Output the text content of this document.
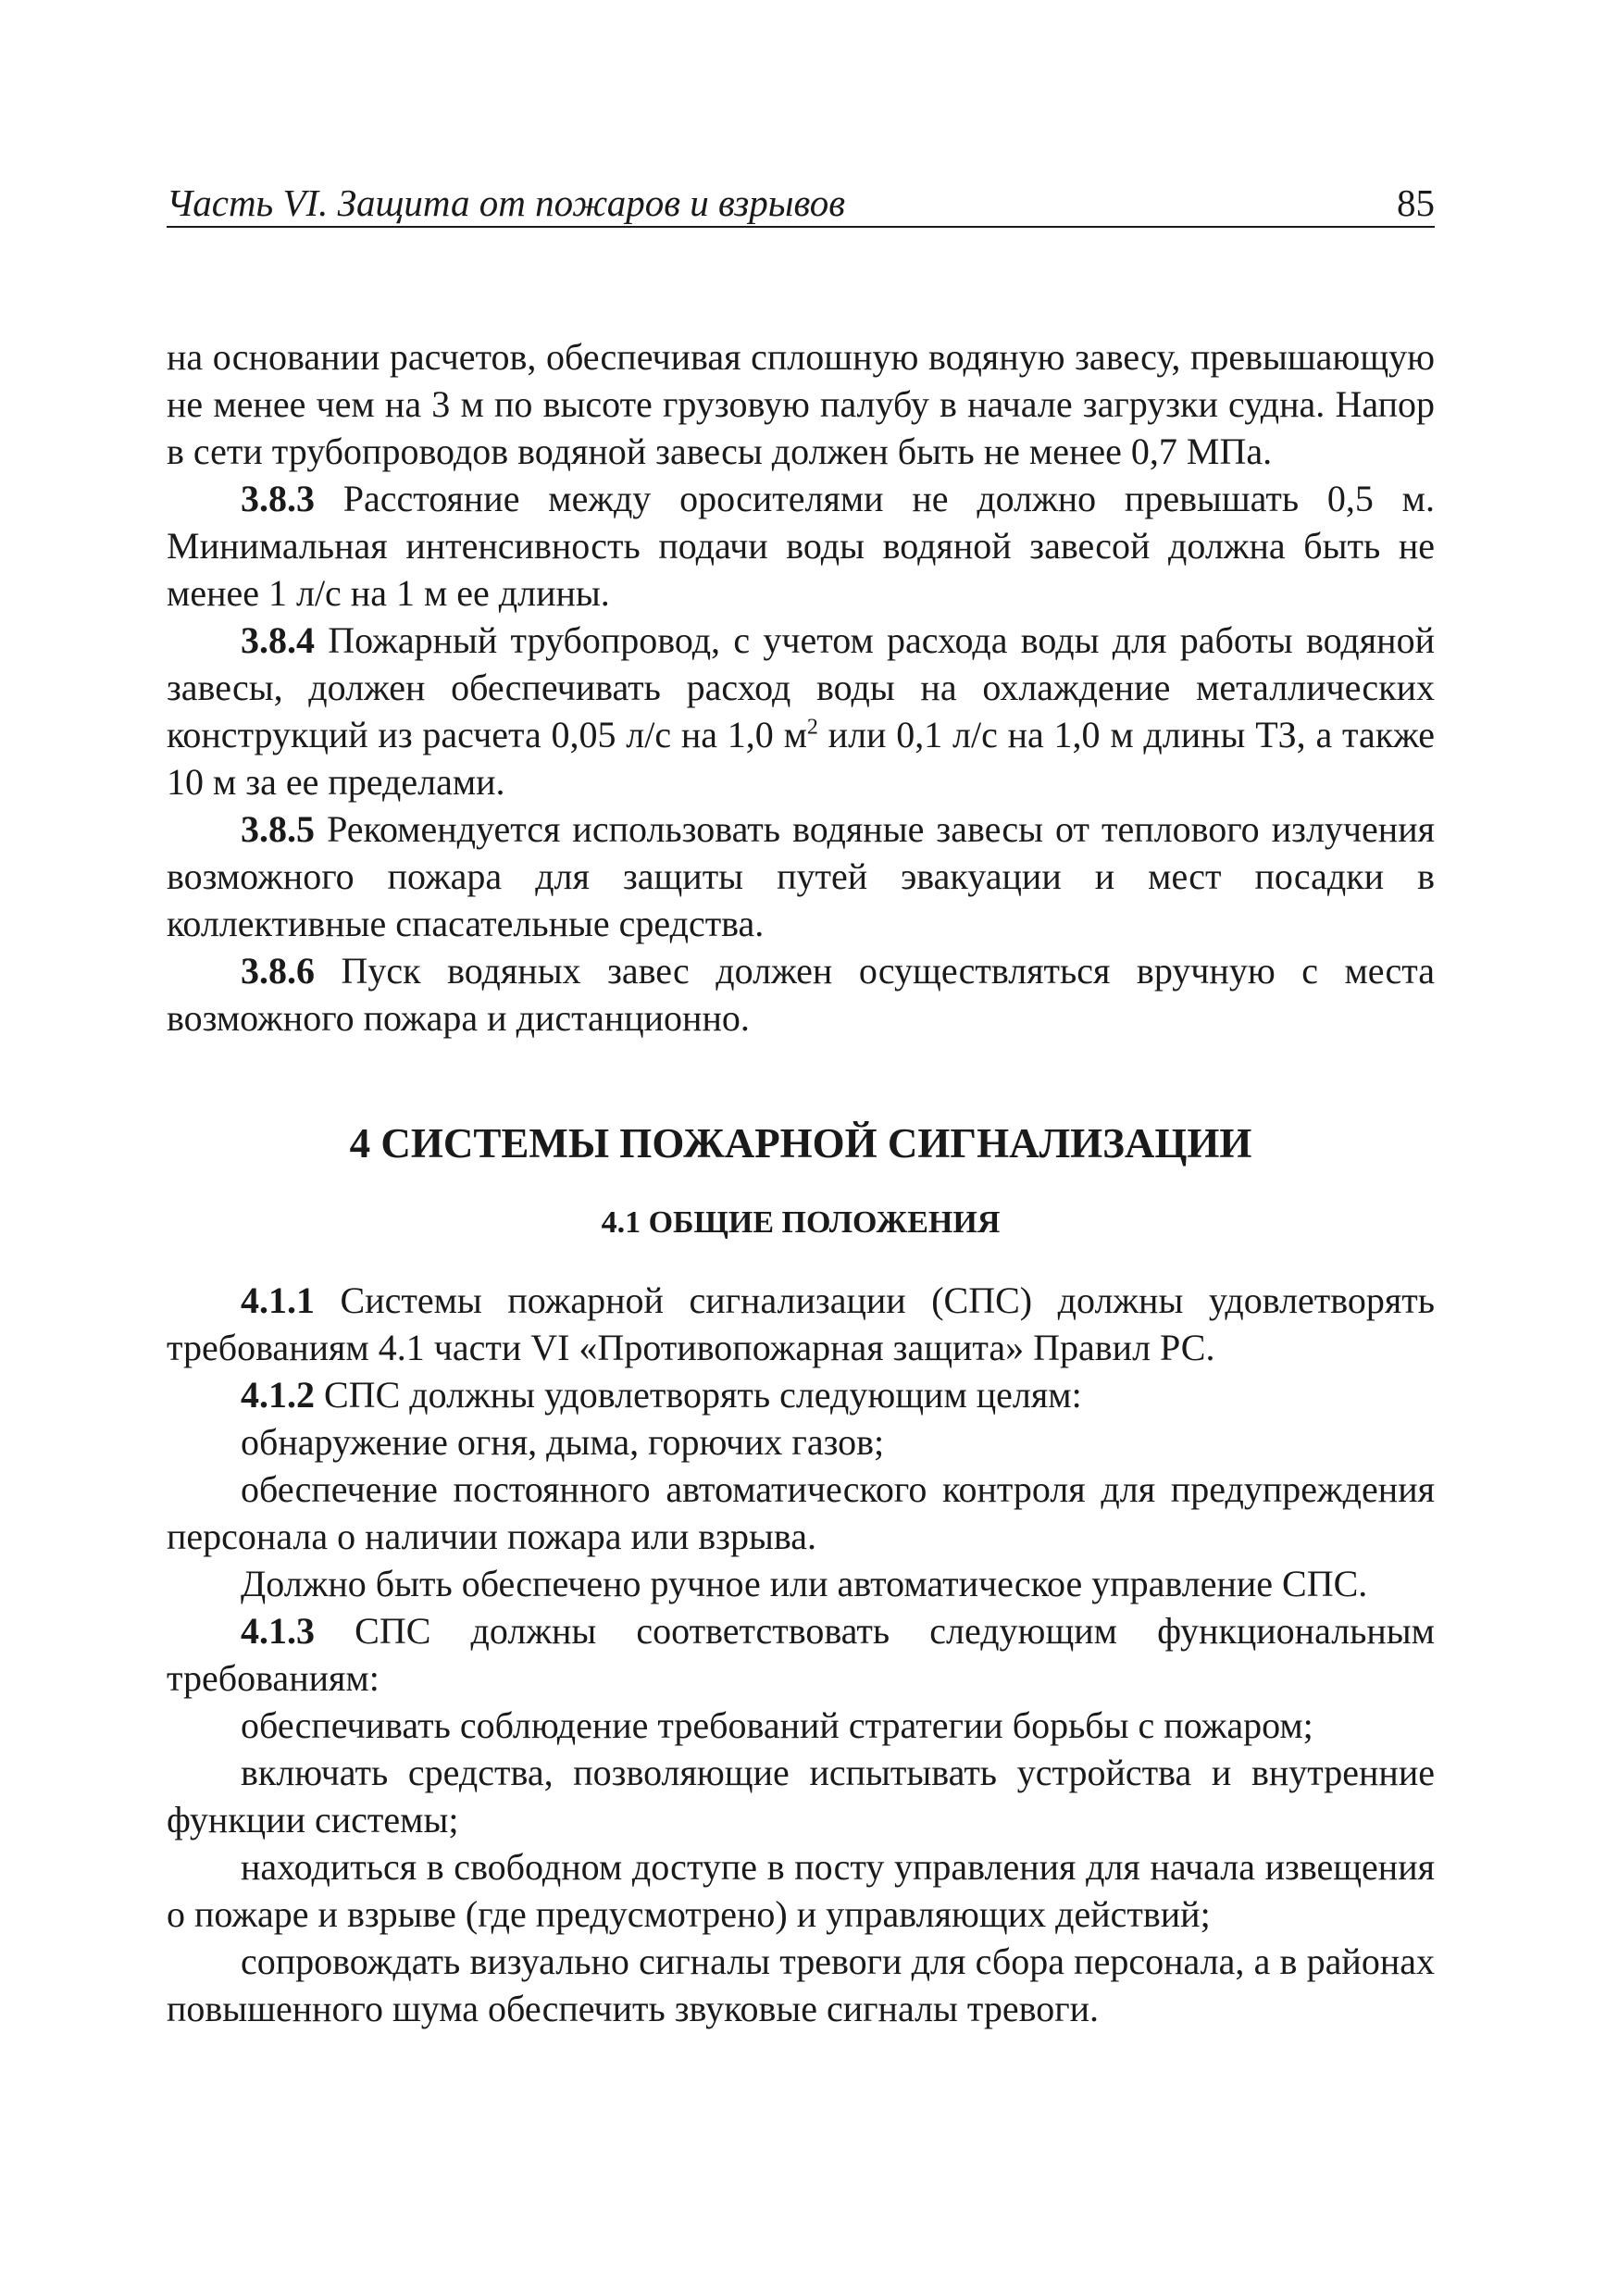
Часть VI. Защита от пожаров и взрывов	85

на основании расчетов, обеспечивая сплошную водяную завесу, превышающую не менее чем на 3 м по высоте грузовую палубу в начале загрузки судна. Напор в сети трубопроводов водяной завесы должен быть не менее 0,7 МПа.

3.8.3 Расстояние между оросителями не должно превышать 0,5 м. Минимальная интенсивность подачи воды водяной завесой должна быть не менее 1 л/с на 1 м ее длины.

3.8.4 Пожарный трубопровод, с учетом расхода воды для работы водяной завесы, должен обеспечивать расход воды на охлаждение металлических конструкций из расчета 0,05 л/с на 1,0 $м^2$ или 0,1 л/с на 1,0 м длины ТЗ, а также 10 м за ее пределами.

3.8.5 Рекомендуется использовать водяные завесы от теплового излучения возможного пожара для защиты путей эвакуации и мест посадки в коллективные спасательные средства.

3.8.6 Пуск водяных завес должен осуществляться вручную с места возможного пожара и дистанционно.

4 СИСТЕМЫ ПОЖАРНОЙ СИГНАЛИЗАЦИИ
4.1 ОБЩИЕ ПОЛОЖЕНИЯ

4.1.1 Системы пожарной сигнализации (СПС) должны удовлетворять требованиям 4.1 части VI «Противопожарная защита» Правил РС.

4.1.2 СПС должны удовлетворять следующим целям:

обнаружение огня, дыма, горючих газов;

обеспечение постоянного автоматического контроля для предупреждения персонала о наличии пожара или взрыва.

Должно быть обеспечено ручное или автоматическое управление СПС.

4.1.3 СПС должны соответствовать следующим функциональным требованиям:

обеспечивать соблюдение требований стратегии борьбы с пожаром;

включать средства, позволяющие испытывать устройства и внутренние функции системы;

находиться в свободном доступе в посту управления для начала извещения о пожаре и взрыве (где предусмотрено) и управляющих действий;

сопровождать визуально сигналы тревоги для сбора персонала, а в районах повышенного шума обеспечить звуковые сигналы тревоги.
